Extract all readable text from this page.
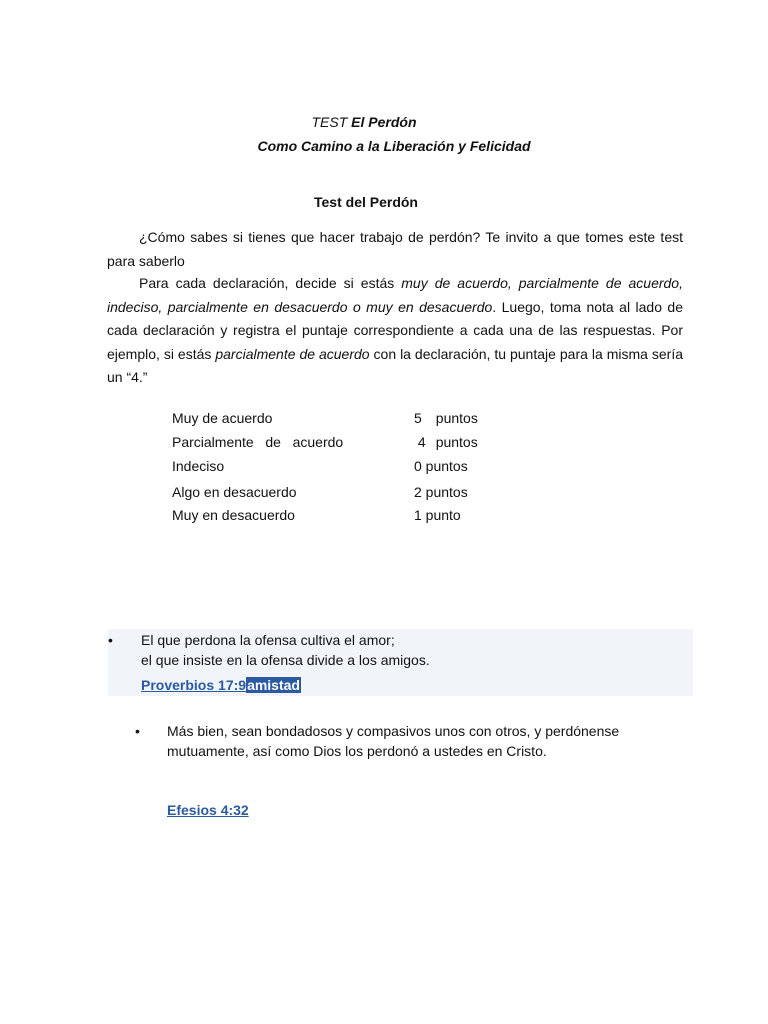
TEST El Perdón
Como Camino a la Liberación y Felicidad
Test del Perdón
¿Cómo sabes si tienes que hacer trabajo de perdón? Te invito a que tomes este test para saberlo
Para cada declaración, decide si estás muy de acuerdo, parcialmente de acuerdo, indeciso, parcialmente en desacuerdo o muy en desacuerdo. Luego, toma nota al lado de cada declaración y registra el puntaje correspondiente a cada una de las respuestas. Por ejemplo, si estás parcialmente de acuerdo con la declaración, tu puntaje para la misma sería un “4.”
Muy de acuerdo	5 puntos
Parcialmente   de   acuerdo	4 puntos
Indeciso	0 puntos
Algo en desacuerdo	2 puntos
Muy en desacuerdo	1 punto
•	El que perdona la ofensa cultiva el amor;
el que insiste en la ofensa divide a los amigos.
Proverbios 17:9amistad
• Más bien, sean bondadosos y compasivos unos con otros, y perdónense mutuamente, así como Dios los perdonó a ustedes en Cristo.
Efesios 4:32
